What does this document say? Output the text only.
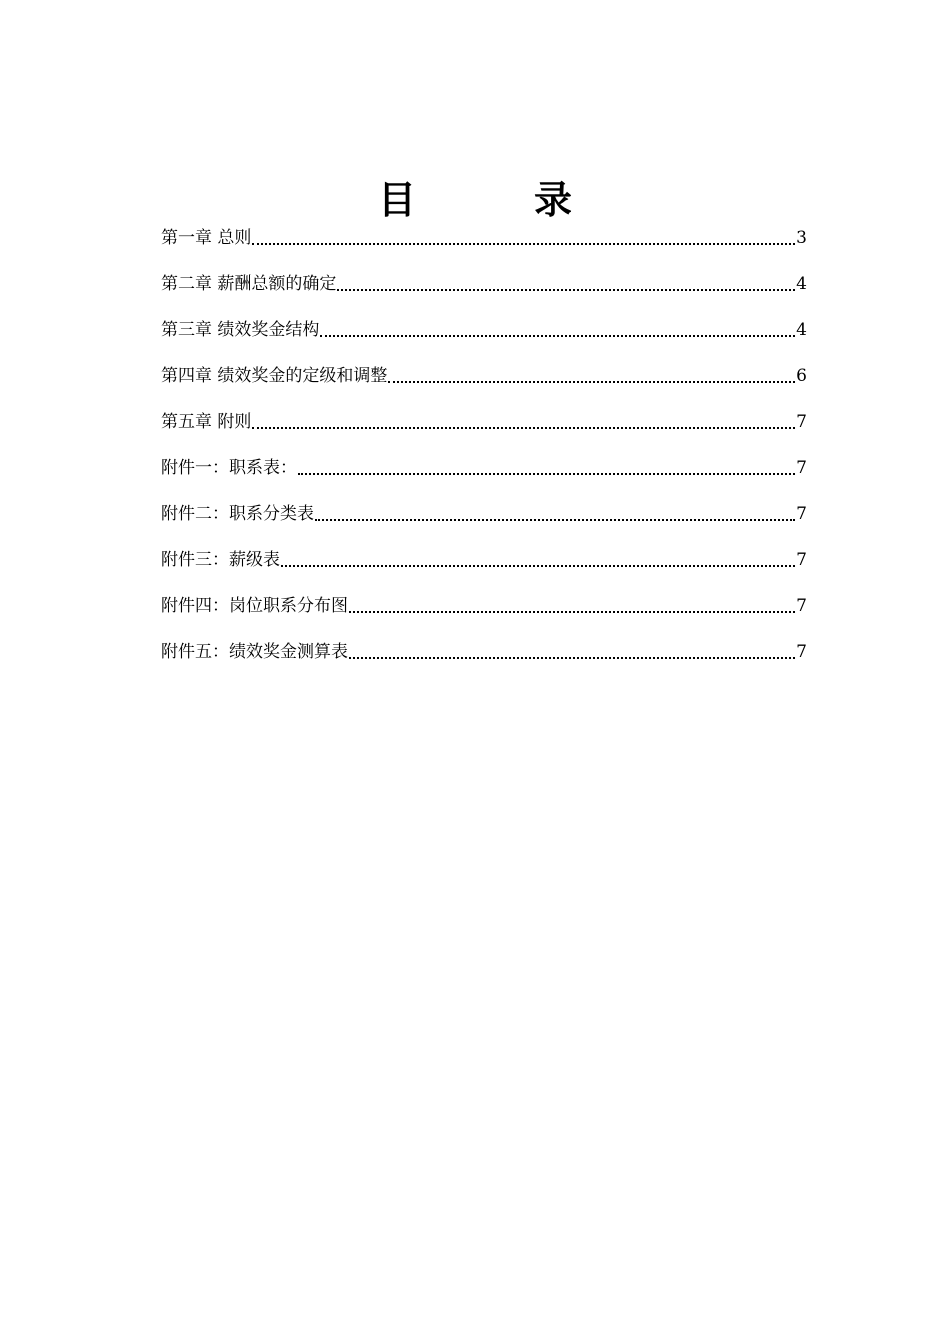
目　录
第一章 总则	3
第二章 薪酬总额的确定	4
第三章 绩效奖金结构	4
第四章 绩效奖金的定级和调整	6
第五章 附则	7
附件一：职系表：	7
附件二：职系分类表	7
附件三：薪级表	7
附件四：岗位职系分布图	7
附件五：绩效奖金测算表	7
